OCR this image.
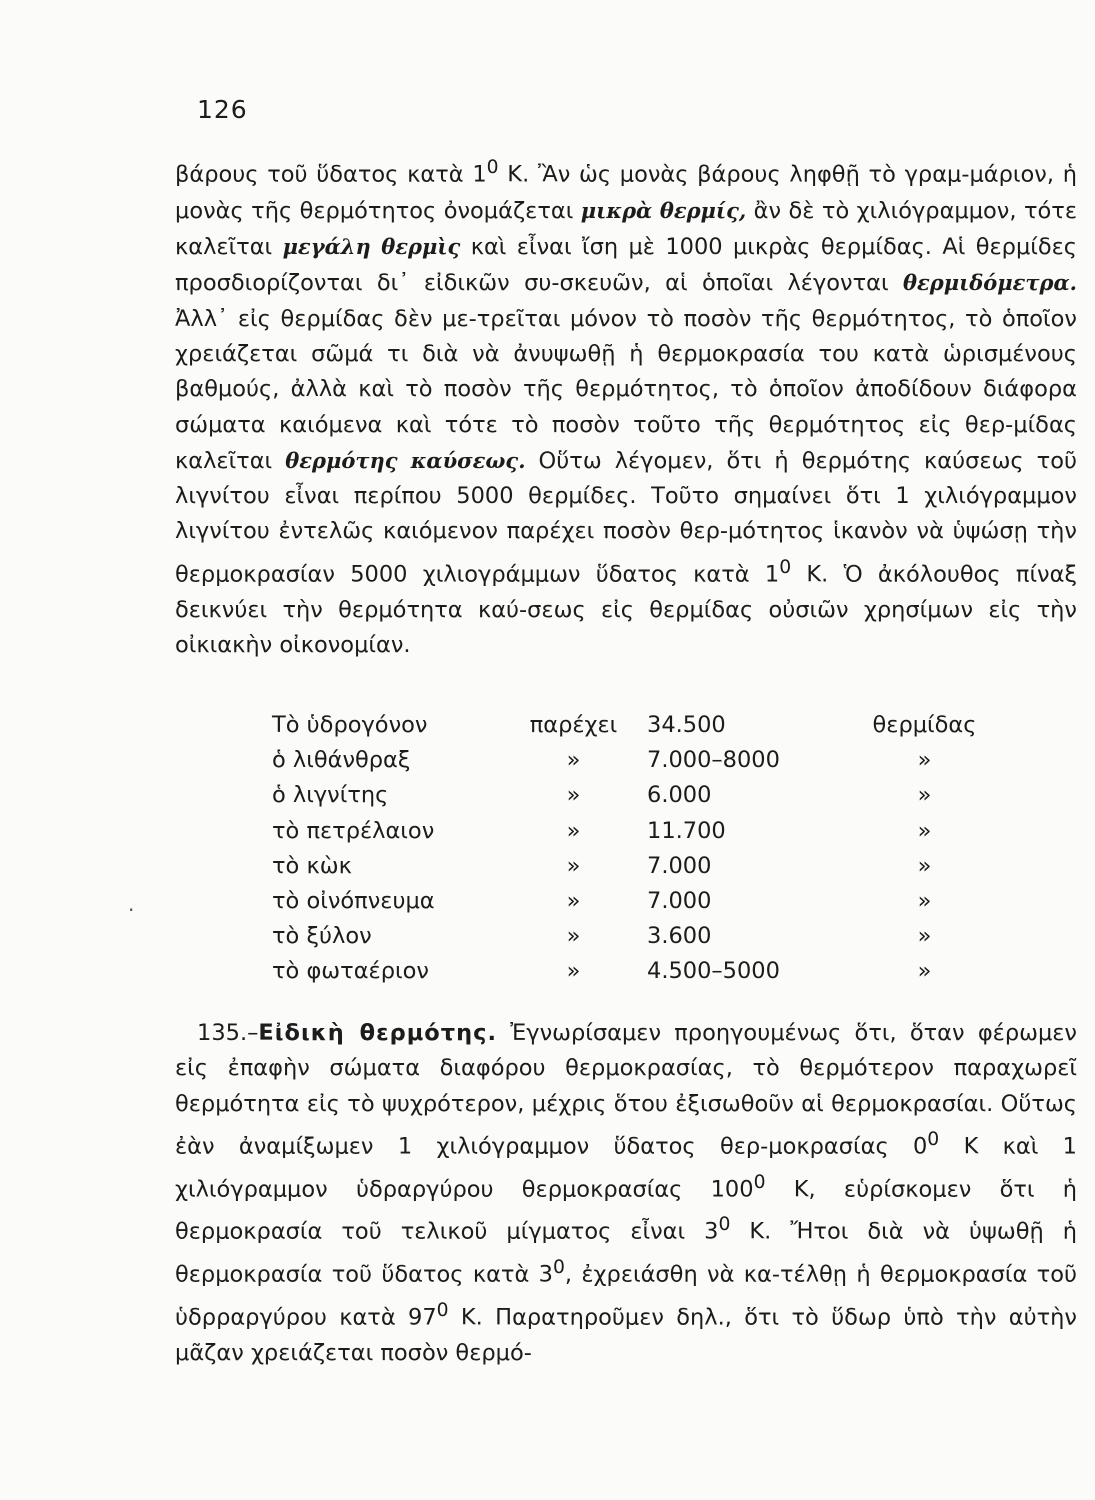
126

βάρους τοῦ ὕδατος κατὰ $1^0$ Κ. Ἂν ὡς μονὰς βάρους ληφθῇ τὸ γραμ-μάριον, ἡ μονὰς τῆς θερμότητος ὀνομάζεται μικρὰ θερμίς, ἂν δὲ τὸ χιλιόγραμμον, τότε καλεῖται μεγάλη θερμὶς καὶ εἶναι ἴση μὲ 1000 μικρὰς θερμίδας. Αἱ θερμίδες προσδιορίζονται δι᾽ εἰδικῶν συ-σκευῶν, αἱ ὁποῖαι λέγονται θερμιδόμετρα. Ἀλλ᾽ εἰς θερμίδας δὲν με-τρεῖται μόνον τὸ ποσὸν τῆς θερμότητος, τὸ ὁποῖον χρειάζεται σῶμά τι διὰ νὰ ἀνυψωθῇ ἡ θερμοκρασία του κατὰ ὡρισμένους βαθμούς, ἀλλὰ καὶ τὸ ποσὸν τῆς θερμότητος, τὸ ὁποῖον ἀποδίδουν διάφορα σώματα καιόμενα καὶ τότε τὸ ποσὸν τοῦτο τῆς θερμότητος εἰς θερ-μίδας καλεῖται θερμότης καύσεως. Οὕτω λέγομεν, ὅτι ἡ θερμότης καύσεως τοῦ λιγνίτου εἶναι περίπου 5000 θερμίδες. Τοῦτο σημαίνει ὅτι 1 χιλιόγραμμον λιγνίτου ἐντελῶς καιόμενον παρέχει ποσὸν θερ-μότητος ἱκανὸν νὰ ὑψώσῃ τὴν θερμοκρασίαν 5000 χιλιογράμμων ὕδατος κατὰ $1^0$ Κ. Ὁ ἀκόλουθος πίναξ δεικνύει τὴν θερμότητα καύ-σεως εἰς θερμίδας οὐσιῶν χρησίμων εἰς τὴν οἰκιακὴν οἰκονομίαν.

Τὸ ὑδρογόνον	παρέχει	34.500	θερμίδας
ὁ λιθάνθραξ	»	7.000–8000	»
ὁ λιγνίτης	»	6.000	»
τὸ πετρέλαιον	»	11.700	»
τὸ κὼκ	»	7.000	»
τὸ οἰνόπνευμα	»	7.000	»
τὸ ξύλον	»	3.600	»
τὸ φωταέριον	»	4.500–5000	»
·

135.–Εἰδικὴ θερμότης. Ἐγνωρίσαμεν προηγουμένως ὅτι, ὅταν φέρωμεν εἰς ἐπαφὴν σώματα διαφόρου θερμοκρασίας, τὸ θερμότερον παραχωρεῖ θερμότητα εἰς τὸ ψυχρότερον, μέχρις ὅτου ἐξισωθοῦν αἱ θερμοκρασίαι. Οὕτως ἐὰν ἀναμίξωμεν 1 χιλιόγραμμον ὕδατος θερ-μοκρασίας $0^0$ Κ καὶ 1 χιλιόγραμμον ὑδραργύρου θερμοκρασίας $100^0$ Κ, εὑρίσκομεν ὅτι ἡ θερμοκρασία τοῦ τελικοῦ μίγματος εἶναι $3^0$ Κ. Ἤτοι διὰ νὰ ὑψωθῇ ἡ θερμοκρασία τοῦ ὕδατος κατὰ $3^0$, ἐχρειάσθη νὰ κα-τέλθῃ ἡ θερμοκρασία τοῦ ὑδρραργύρου κατὰ $97^0$ Κ. Παρατηροῦμεν δηλ., ὅτι τὸ ὕδωρ ὑπὸ τὴν αὐτὴν μᾶζαν χρειάζεται ποσὸν θερμό-
